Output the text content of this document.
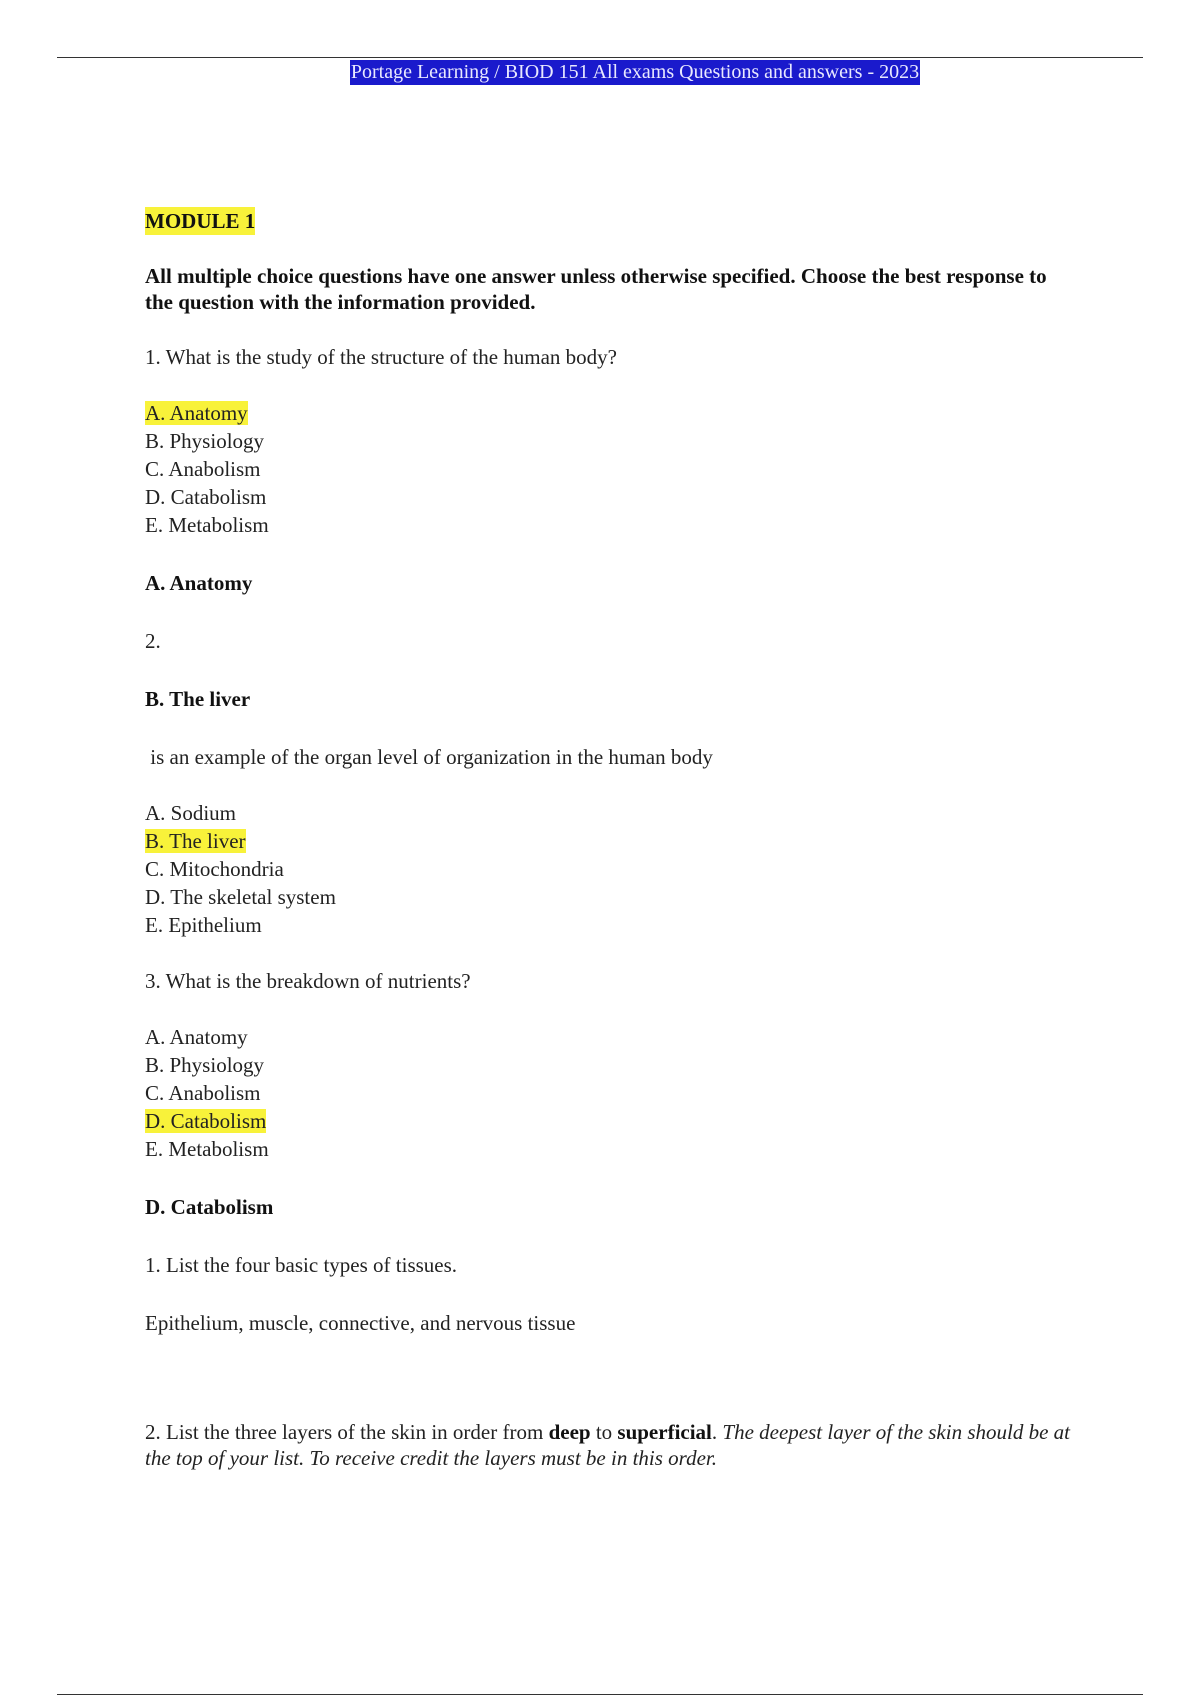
Portage Learning / BIOD 151 All exams Questions and answers - 2023
MODULE 1

All multiple choice questions have one answer unless otherwise specified. Choose the best response to the question with the information provided.

1. What is the study of the structure of the human body?

A. Anatomy
B. Physiology
C. Anabolism
D. Catabolism
E. Metabolism

A. Anatomy

2.

B. The liver

is an example of the organ level of organization in the human body

A. Sodium
B. The liver
C. Mitochondria
D. The skeletal system
E. Epithelium

3. What is the breakdown of nutrients?

A. Anatomy
B. Physiology
C. Anabolism
D. Catabolism
E. Metabolism

D. Catabolism

1. List the four basic types of tissues.

Epithelium, muscle, connective, and nervous tissue

2. List the three layers of the skin in order from deep to superficial. The deepest layer of the skin should be at the top of your list. To receive credit the layers must be in this order.
